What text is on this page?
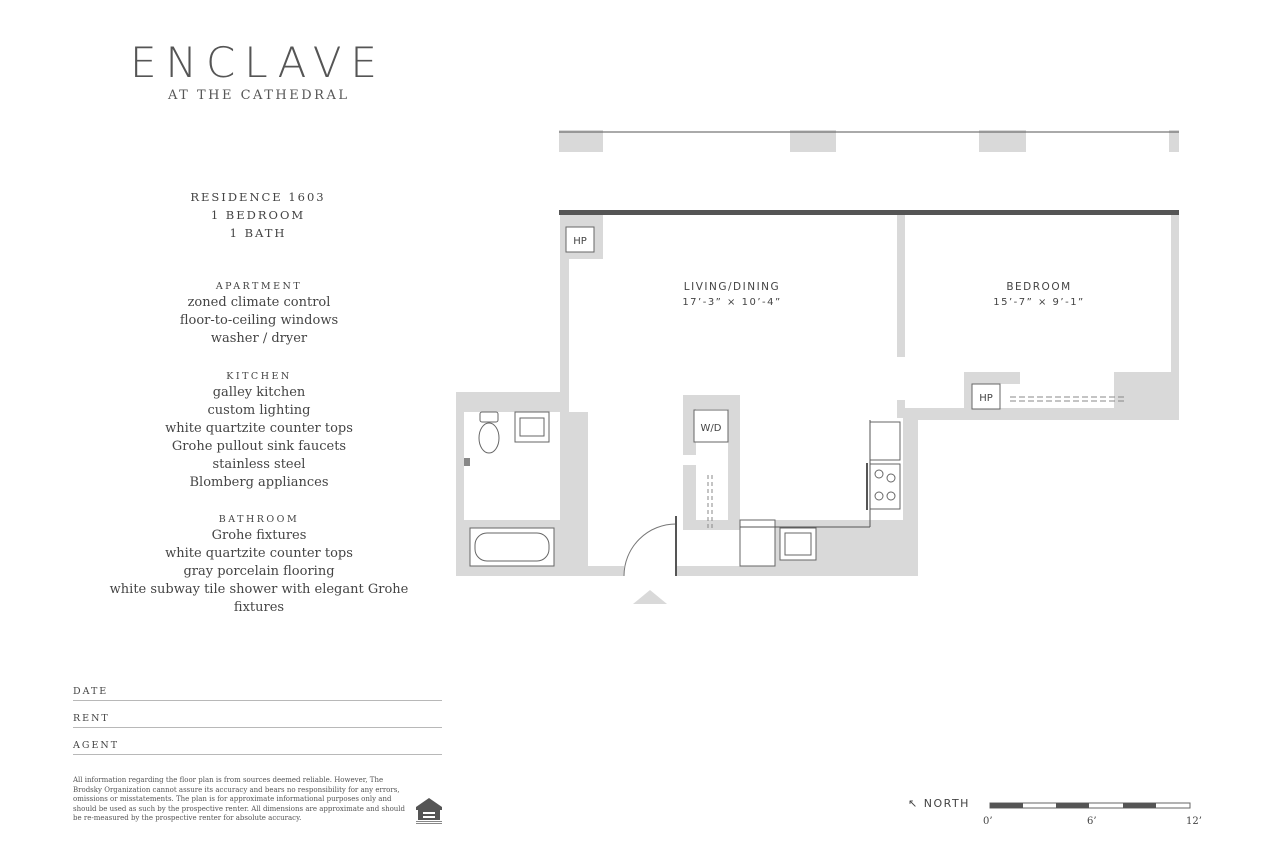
ENCLAVE
AT THE CATHEDRAL
RESIDENCE 1603
1 BEDROOM
1 BATH
APARTMENT
zoned climate control
floor-to-ceiling windows
washer / dryer
KITCHEN
galley kitchen
custom lighting
white quartzite counter tops
Grohe pullout sink faucets
stainless steel
Blomberg appliances
BATHROOM
Grohe fixtures
white quartzite counter tops
gray porcelain flooring
white subway tile shower with elegant Grohe fixtures
DATE
RENT
AGENT
All information regarding the floor plan is from sources deemed reliable. However, The Brodsky Organization cannot assure its accuracy and bears no responsibility for any errors, omissions or misstatements. The plan is for approximate informational purposes only and should be used as such by the prospective renter. All dimensions are approximate and should be re-measured by the prospective renter for absolute accuracy.
HP
HP
W/D
LIVING/DINING
17’-3” × 10’-4”
BEDROOM
15’-7” × 9’-1”
↖ NORTH
0’	6’	12’
